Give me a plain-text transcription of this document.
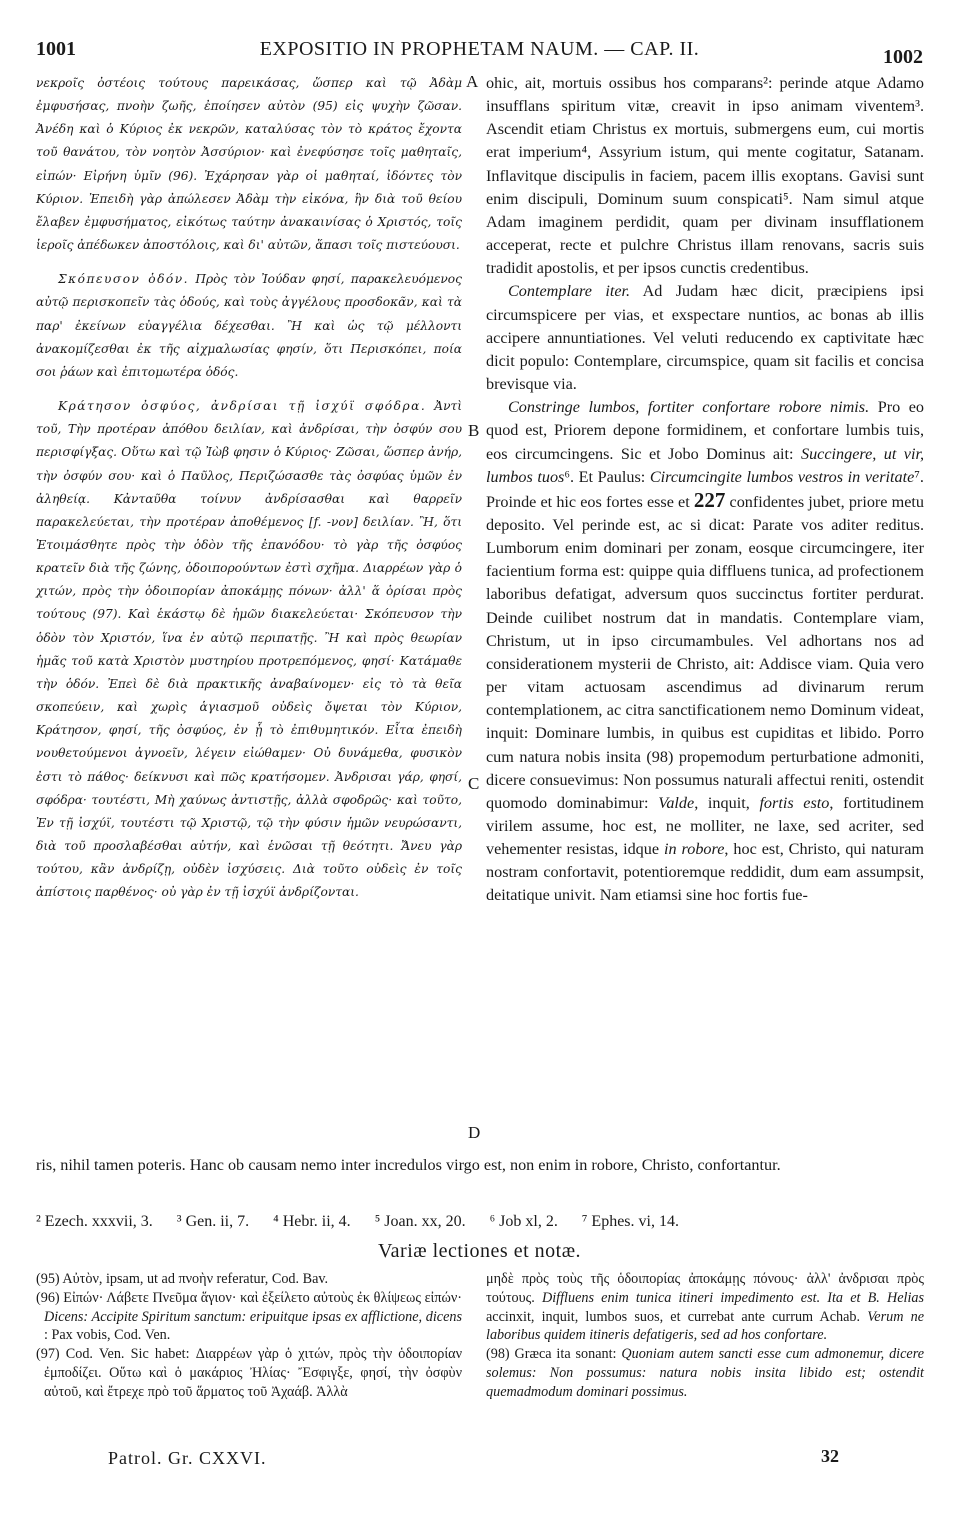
1001	EXPOSITIO IN PROPHETAM NAUM. — CAP. II.	1002

νεκροῖς ὀστέοις τούτους παρεικάσας, ὥσπερ καὶ τῷ Ἀδὰμ ἐμφυσήσας, πνοὴν ζωῆς, ἐποίησεν αὐτὸν (95) εἰς ψυχὴν ζῶσαν. Ἀνέδη καὶ ὁ Κύριος ἐκ νεκρῶν, καταλύσας τὸν τὸ κράτος ἔχοντα τοῦ θανάτου, τὸν νοητὸν Ἀσσύριον· καὶ ἐνεφύσησε τοῖς μαθηταῖς, εἰπών· Εἰρήνη ὑμῖν (96). Ἐχάρησαν γὰρ οἱ μαθηταί, ἰδόντες τὸν Κύριον. Ἐπειδὴ γὰρ ἀπώλεσεν Ἀδὰμ τὴν εἰκόνα, ἣν διὰ τοῦ θείου ἔλαβεν ἐμφυσήματος, εἰκότως ταύτην ἀνακαινίσας ὁ Χριστός, τοῖς ἱεροῖς ἀπέδωκεν ἀποστόλοις, καὶ δι' αὐτῶν, ἅπασι τοῖς πιστεύουσι.

Σκόπευσον ὁδόν. Πρὸς τὸν Ἰούδαν φησί, παρακελευόμενος αὐτῷ περισκοπεῖν τὰς ὁδούς, καὶ τοὺς ἀγγέλους προσδοκᾶν, καὶ τὰ παρ' ἐκείνων εὐαγγέλια δέχεσθαι. Ἢ καὶ ὡς τῷ μέλλοντι ἀνακομίζεσθαι ἐκ τῆς αἰχμαλωσίας φησίν, ὅτι Περισκόπει, ποία σοι ῥάων καὶ ἐπιτομωτέρα ὁδός.

Κράτησον ὀσφύος, ἀνδρίσαι τῇ ἰσχύϊ σφόδρα. Ἀντὶ τοῦ, Τὴν προτέραν ἀπόθου δειλίαν, καὶ ἀνδρίσαι, τὴν ὀσφύν σου περισφίγξας. Οὕτω καὶ τῷ Ἰὼβ φησιν ὁ Κύριος· Ζῶσαι, ὥσπερ ἀνήρ, τὴν ὀσφύν σου· καὶ ὁ Παῦλος, Περιζώσασθε τὰς ὀσφύας ὑμῶν ἐν ἀληθείᾳ. Κἀνταῦθα τοίνυν ἀνδρίσασθαι καὶ θαρρεῖν παρακελεύεται, τὴν προτέραν ἀποθέμενος [f. -νον] δειλίαν. Ἢ, ὅτι Ἑτοιμάσθητε πρὸς τὴν ὁδὸν τῆς ἐπανόδου· τὸ γὰρ τῆς ὀσφύος κρατεῖν διὰ τῆς ζώνης, ὁδοιπορούντων ἐστὶ σχῆμα. Διαρρέων γὰρ ὁ χιτών, πρὸς τὴν ὁδοιπορίαν ἀποκάμῃς πόνων· ἀλλ' ἅ ὁρίσαι πρὸς τούτους (97). Καὶ ἑκάστῳ δὲ ἡμῶν διακελεύεται· Σκόπευσον τὴν ὁδὸν τὸν Χριστόν, ἵνα ἐν αὐτῷ περιπατῇς. Ἢ καὶ πρὸς θεωρίαν ἡμᾶς τοῦ κατὰ Χριστὸν μυστηρίου προτρεπόμενος, φησί· Κατάμαθε τὴν ὁδόν. Ἐπεὶ δὲ διὰ πρακτικῆς ἀναβαίνομεν· εἰς τὸ τὰ θεῖα σκοπεύειν, καὶ χωρὶς ἁγιασμοῦ οὐδεὶς ὄψεται τὸν Κύριον, Κράτησον, φησί, τῆς ὀσφύος, ἐν ᾗ τὸ ἐπιθυμητικόν. Εἶτα ἐπειδὴ νουθετούμενοι ἀγνοεῖν, λέγειν εἰώθαμεν· Οὐ δυνάμεθα, φυσικὸν ἐστι τὸ πάθος· δείκνυσι καὶ πῶς κρατήσομεν. Ἀνδρισαι γάρ, φησί, σφόδρα· τουτέστι, Μὴ χαύνως ἀντιστῇς, ἀλλὰ σφοδρῶς· καὶ τοῦτο, Ἐν τῇ ἰσχύϊ, τουτέστι τῷ Χριστῷ, τῷ τὴν φύσιν ἡμῶν νευρώσαντι, διὰ τοῦ προσλαβέσθαι αὐτήν, καὶ ἑνῶσαι τῇ θεότητι. Ἄνευ γὰρ τούτου, κἂν ἀνδρίζῃ, οὐδὲν ἰσχύσεις. Διὰ τοῦτο οὐδεὶς ἐν τοῖς ἀπίστοις παρθένος· οὐ γὰρ ἐν τῇ ἰσχύϊ ἀνδρίζονται.

A
B
C
D

ohic, ait, mortuis ossibus hos comparans²: perinde atque Adamo insufflans spiritum vitæ, creavit in ipso animam viventem³. Ascendit etiam Christus ex mortuis, submergens eum, cui mortis erat imperium⁴, Assyrium istum, qui mente cogitatur, Satanam. Inflavitque discipulis in faciem, pacem illis exoptans. Gavisi sunt enim discipuli, Dominum suum conspicati⁵. Nam simul atque Adam imaginem perdidit, quam per divinam insufflationem acceperat, recte et pulchre Christus illam renovans, sacris suis tradidit apostolis, et per ipsos cunctis credentibus.

Contemplare iter. Ad Judam hæc dicit, præcipiens ipsi circumspicere per vias, et exspectare nuntios, ac bonas ab illis accipere annuntiationes. Vel veluti reducendo ex captivitate hæc dicit populo: Contemplare, circumspice, quam sit facilis et concisa brevisque via.

Constringe lumbos, fortiter confortare robore nimis. Pro eo quod est, Priorem depone formidinem, et confortare lumbis tuis, eos circumcingens. Sic et Jobo Dominus ait: Succingere, ut vir, lumbos tuos⁶. Et Paulus: Circumcingite lumbos vestros in veritate⁷. Proinde et hic eos fortes esse et 227 confidentes jubet, priore metu deposito. Vel perinde est, ac si dicat: Parate vos aditer reditus. Lumborum enim dominari per zonam, eosque circumcingere, iter facientium forma est: quippe quia diffluens tunica, ad profectionem laboribus defatigat, adversum quos succinctus fortiter perdurat. Deinde cuilibet nostrum dat in mandatis. Contemplare viam, Christum, ut in ipso circumambules. Vel adhortans nos ad considerationem mysterii de Christo, ait: Addisce viam. Quia vero per vitam actuosam ascendimus ad divinarum rerum contemplationem, ac citra sanctificationem nemo Dominum videat, inquit: Dominare lumbis, in quibus est cupiditas et libido. Porro cum natura nobis insita (98) propemodum perturbatione admoniti, dicere consuevimus: Non possumus naturali affectui reniti, ostendit quomodo dominabimur: Valde, inquit, fortis esto, fortitudinem virilem assume, hoc est, ne molliter, ne laxe, sed acriter, sed vehementer resistas, idque in robore, hoc est, Christo, qui naturam nostram confortavit, potentioremque reddidit, dum eam assumpsit, deitatique univit. Nam etiamsi sine hoc fortis fue-

ris, nihil tamen poteris. Hanc ob causam nemo inter incredulos virgo est, non enim in robore, Christo, confortantur.

² Ezech. xxxvii, 3. ³ Gen. ii, 7. ⁴ Hebr. ii, 4. ⁵ Joan. xx, 20. ⁶ Job xl, 2. ⁷ Ephes. vi, 14.
Variæ lectiones et notæ.

(95) Αὐτὸν, ipsam, ut ad πνοὴν referatur, Cod. Bav.

(96) Εἰπών· Λάβετε Πνεῦμα ἅγιον· καὶ ἐξείλετο αὐτοὺς ἐκ θλίψεως εἰπών· Dicens: Accipite Spiritum sanctum: eripuitque ipsas ex afflictione, dicens : Pax vobis, Cod. Ven.

(97) Cod. Ven. Sic habet: Διαρρέων γὰρ ὁ χιτών, πρὸς τὴν ὁδοιπορίαν ἐμποδίζει. Οὕτω καὶ ὁ μακάριος Ἠλίας· Ἔσφιγξε, φησί, τὴν ὀσφὺν αὐτοῦ, καὶ ἔτρεχε πρὸ τοῦ ἅρματος τοῦ Ἀχαάβ. Ἀλλὰ

μηδὲ πρὸς τοὺς τῆς ὁδοιπορίας ἀποκάμῃς πόνους· ἀλλ' ἀνδρισαι πρὸς τούτους. Diffluens enim tunica itineri impedimento est. Ita et B. Helias accinxit, inquit, lumbos suos, et currebat ante currum Achab. Verum ne laboribus quidem itineris defatigeris, sed ad hos confortare.

(98) Græca ita sonant: Quoniam autem sancti esse cum admonemur, dicere solemus: Non possumus: natura nobis insita libido est; ostendit quemadmodum dominari possimus.

Patrol. Gr. CXXVI.	32
